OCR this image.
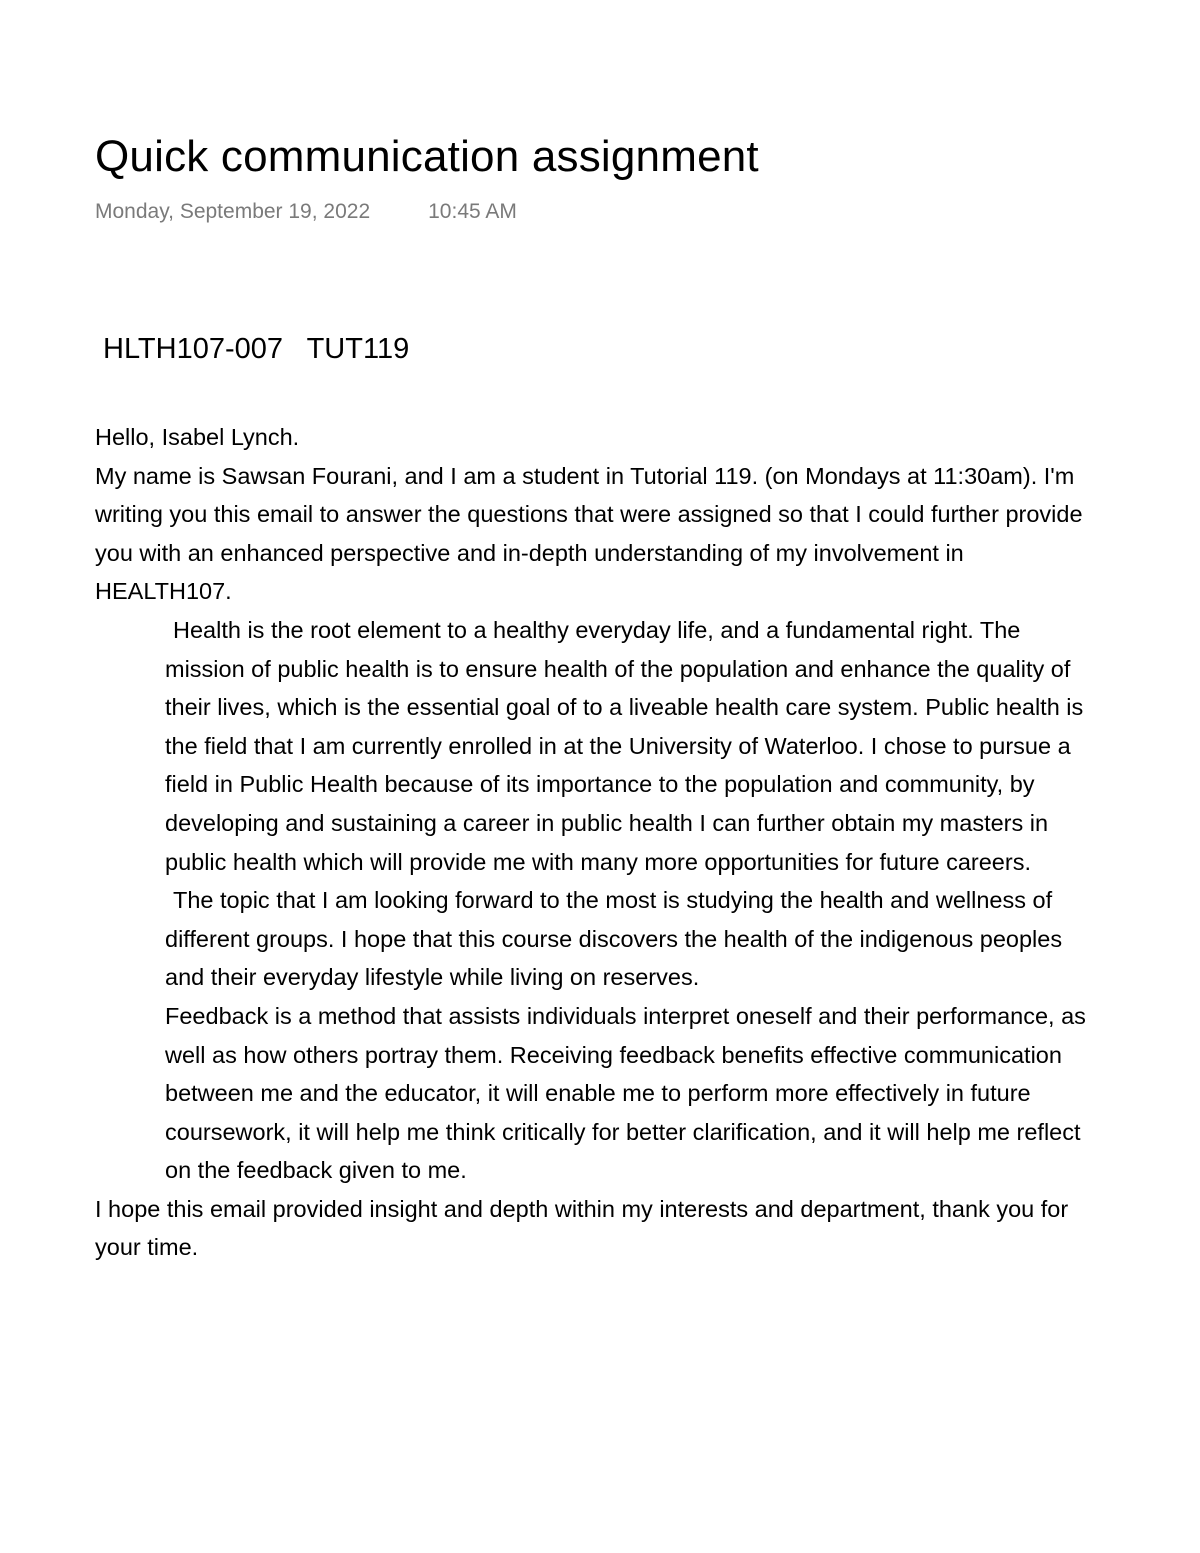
Quick communication assignment
Monday, September 19, 2022	10:45 AM
HLTH107-007  TUT119

Hello, Isabel Lynch.

My name is Sawsan Fourani, and I am a student in Tutorial 119. (on Mondays at 11:30am). I'm writing you this email to answer the questions that were assigned so that I could further provide you with an enhanced perspective and in-depth understanding of my involvement in HEALTH107.

Health is the root element to a healthy everyday life, and a fundamental right. The mission of public health is to ensure health of the population and enhance the quality of their lives, which is the essential goal of to a liveable health care system. Public health is the field that I am currently enrolled in at the University of Waterloo. I chose to pursue a field in Public Health because of its importance to the population and community, by developing and sustaining a career in public health I can further obtain my masters in public health which will provide me with many more opportunities for future careers.

The topic that I am looking forward to the most is studying the health and wellness of different groups. I hope that this course discovers the health of the indigenous peoples and their everyday lifestyle while living on reserves.

Feedback is a method that assists individuals interpret oneself and their performance, as well as how others portray them. Receiving feedback benefits effective communication between me and the educator, it will enable me to perform more effectively in future coursework, it will help me think critically for better clarification, and it will help me reflect on the feedback given to me.

I hope this email provided insight and depth within my interests and department, thank you for your time.
